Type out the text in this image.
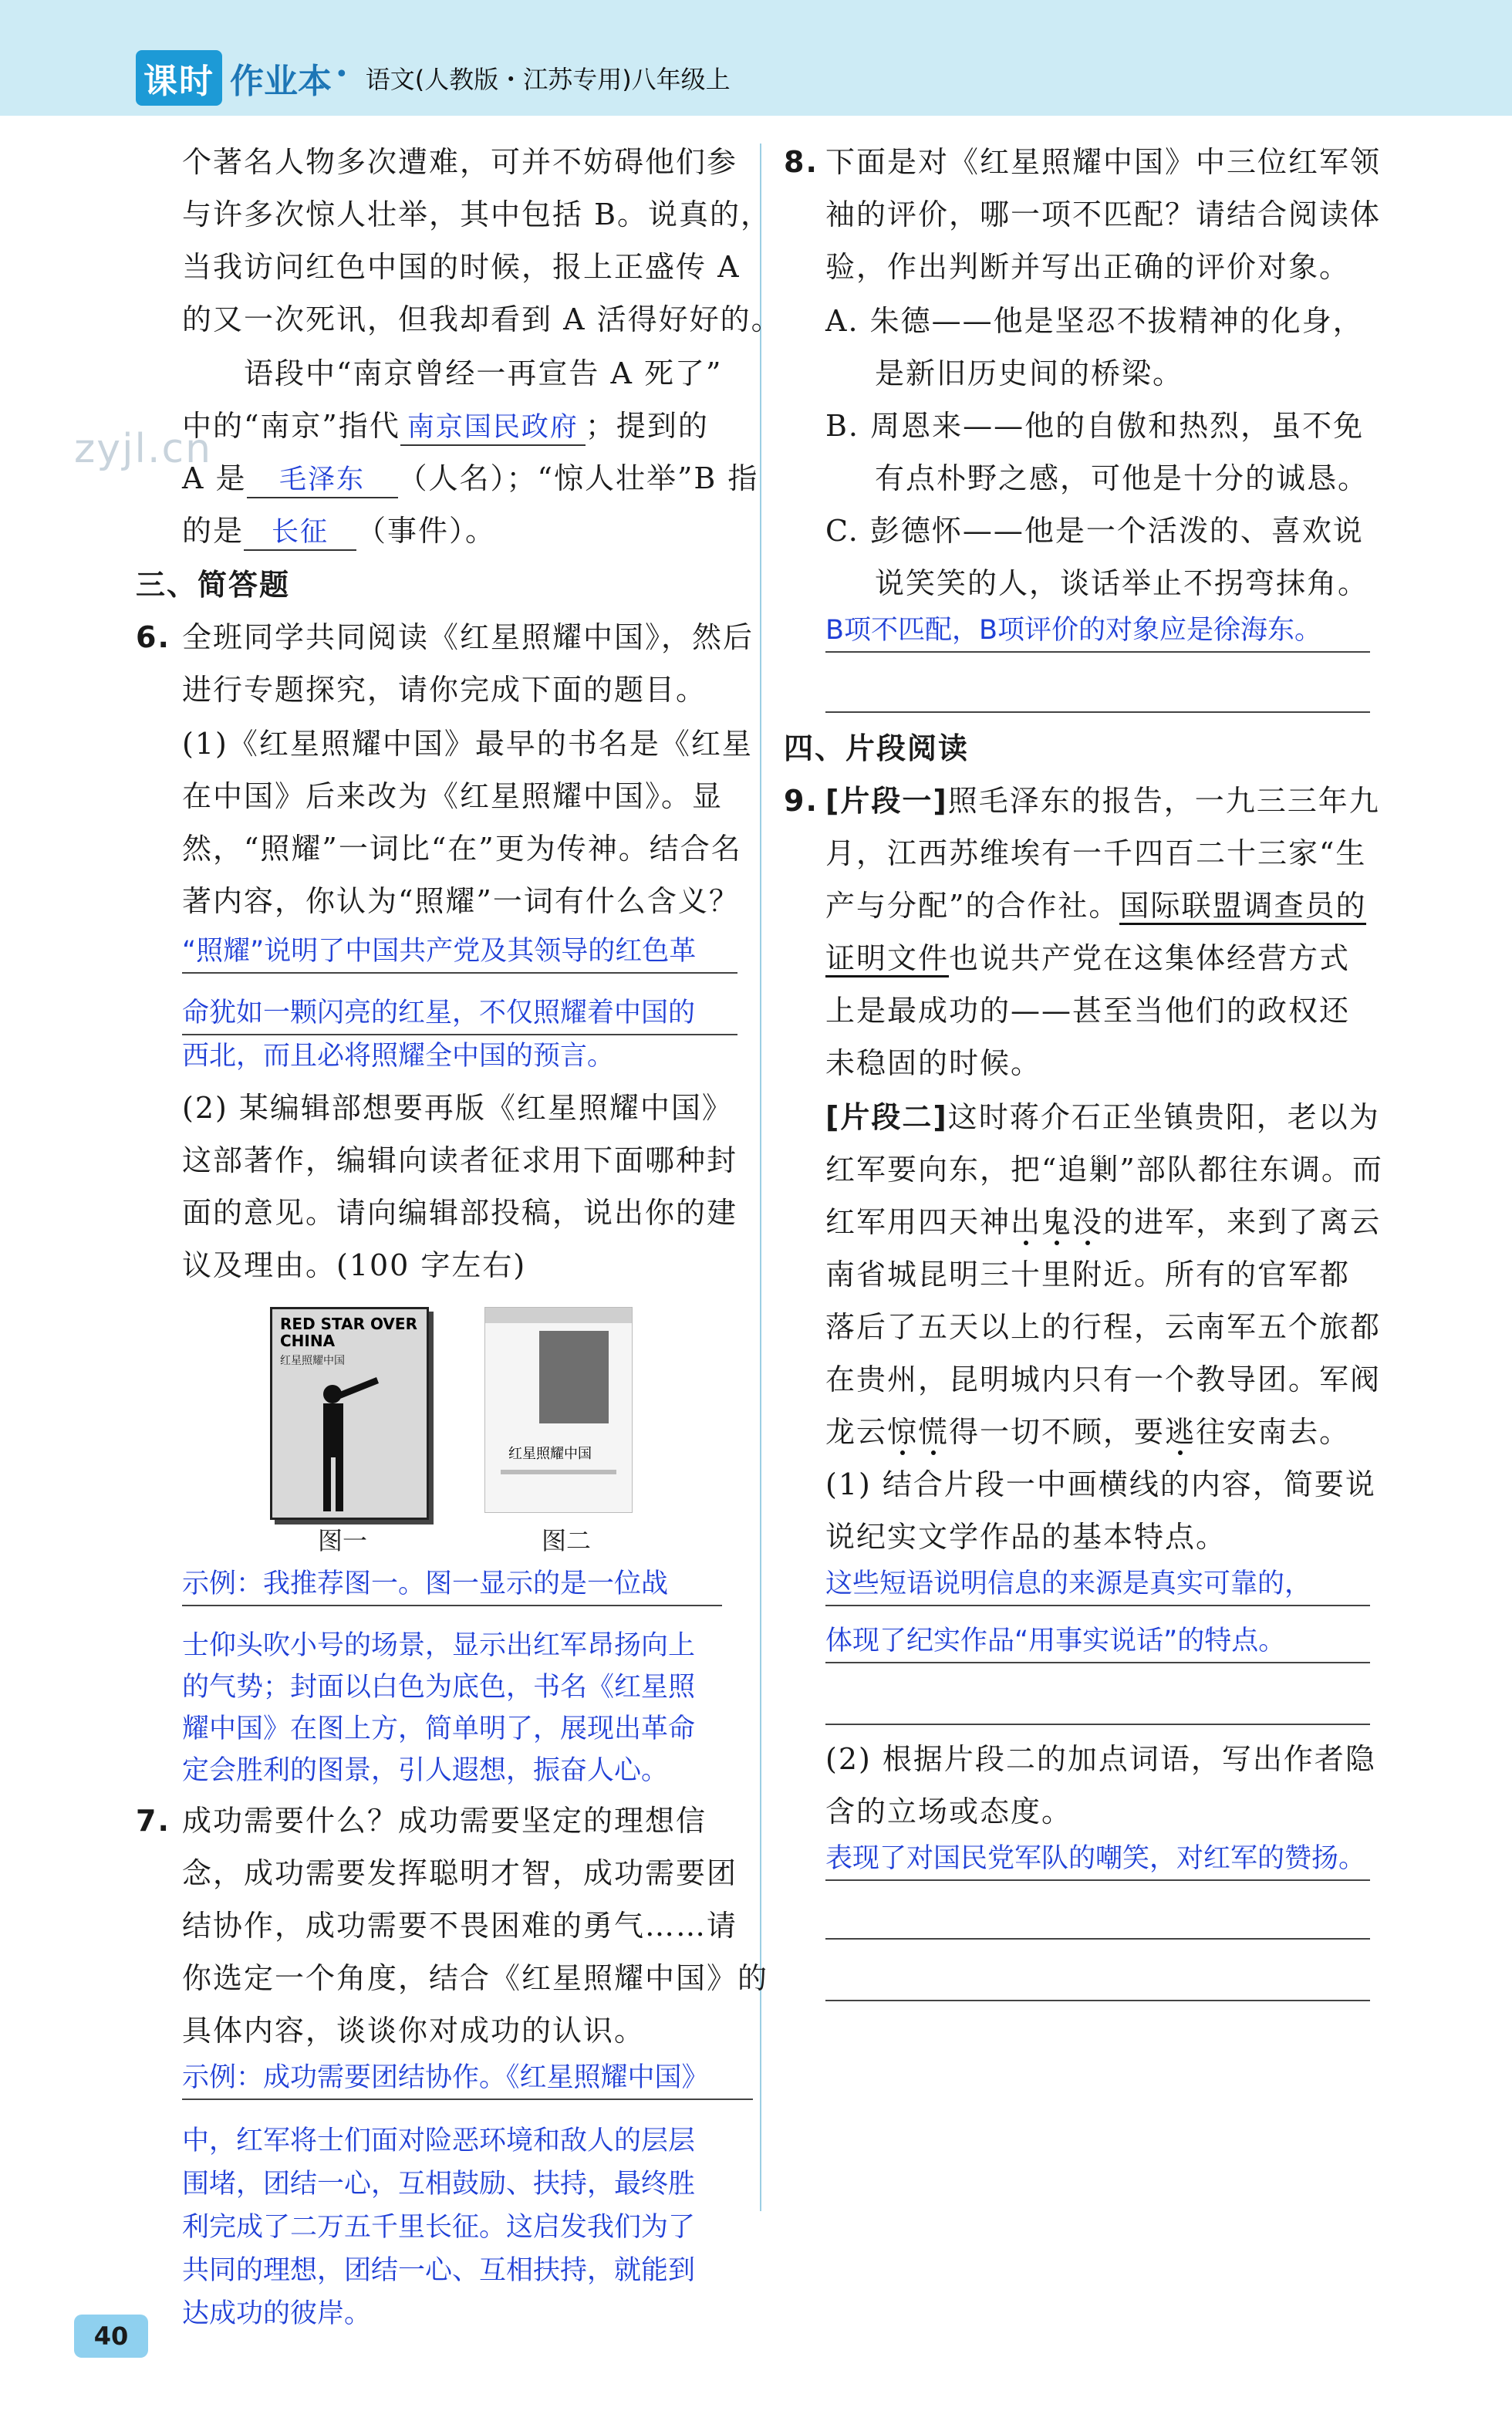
课时 作业本 • 语文(人教版・江苏专用)八年级上
zyjl.cn
个著名人物多次遭难，可并不妨碍他们参
与许多次惊人壮举，其中包括 B。说真的，
当我访问红色中国的时候，报上正盛传 A
的又一次死讯，但我却看到 A 活得好好的。
语段中“南京曾经一再宣告 A 死了”
中的“南京”指代 南京国民政府 ；提到的
A 是 毛泽东 （人名）；“惊人壮举”B 指
的是 长征 （事件）。
三、简答题
6. 全班同学共同阅读《红星照耀中国》，然后
进行专题探究，请你完成下面的题目。
(1)《红星照耀中国》最早的书名是《红星
在中国》后来改为《红星照耀中国》。显
然，“照耀”一词比“在”更为传神。结合名
著内容，你认为“照耀”一词有什么含义？
“照耀”说明了中国共产党及其领导的红色革
命犹如一颗闪亮的红星，不仅照耀着中国的
西北，而且必将照耀全中国的预言。
(2) 某编辑部想要再版《红星照耀中国》
这部著作，编辑向读者征求用下面哪种封
面的意见。请向编辑部投稿，说出你的建
议及理由。(100 字左右)
RED STAR OVER CHINA
红星照耀中国
红星照耀中国
图一	图二
示例：我推荐图一。图一显示的是一位战
士仰头吹小号的场景，显示出红军昂扬向上
的气势；封面以白色为底色，书名《红星照
耀中国》在图上方，简单明了，展现出革命
定会胜利的图景，引人遐想，振奋人心。
7. 成功需要什么？成功需要坚定的理想信
念，成功需要发挥聪明才智，成功需要团
结协作，成功需要不畏困难的勇气……请
你选定一个角度，结合《红星照耀中国》的
具体内容，谈谈你对成功的认识。
示例：成功需要团结协作。《红星照耀中国》
中，红军将士们面对险恶环境和敌人的层层
围堵，团结一心，互相鼓励、扶持，最终胜
利完成了二万五千里长征。这启发我们为了
共同的理想，团结一心、互相扶持，就能到
达成功的彼岸。
8. 下面是对《红星照耀中国》中三位红军领
袖的评价，哪一项不匹配？请结合阅读体
验，作出判断并写出正确的评价对象。
A. 朱德——他是坚忍不拔精神的化身，
是新旧历史间的桥梁。
B. 周恩来——他的自傲和热烈，虽不免
有点朴野之感，可他是十分的诚恳。
C. 彭德怀——他是一个活泼的、喜欢说
说笑笑的人，谈话举止不拐弯抹角。
B项不匹配，B项评价的对象应是徐海东。
四、片段阅读
9. [片段一]照毛泽东的报告，一九三三年九
月，江西苏维埃有一千四百二十三家“生
产与分配”的合作社。国际联盟调查员的
证明文件也说共产党在这集体经营方式
上是最成功的——甚至当他们的政权还
未稳固的时候。
[片段二]这时蒋介石正坐镇贵阳，老以为
红军要向东，把“追剿”部队都往东调。而
红军用四天神出鬼没的进军，来到了离云
南省城昆明三十里附近。所有的官军都
落后了五天以上的行程，云南军五个旅都
在贵州，昆明城内只有一个教导团。军阀
龙云惊慌得一切不顾，要逃往安南去。
(1) 结合片段一中画横线的内容，简要说
说纪实文学作品的基本特点。
这些短语说明信息的来源是真实可靠的，
体现了纪实作品“用事实说话”的特点。
(2) 根据片段二的加点词语，写出作者隐
含的立场或态度。
表现了对国民党军队的嘲笑，对红军的赞扬。
40
